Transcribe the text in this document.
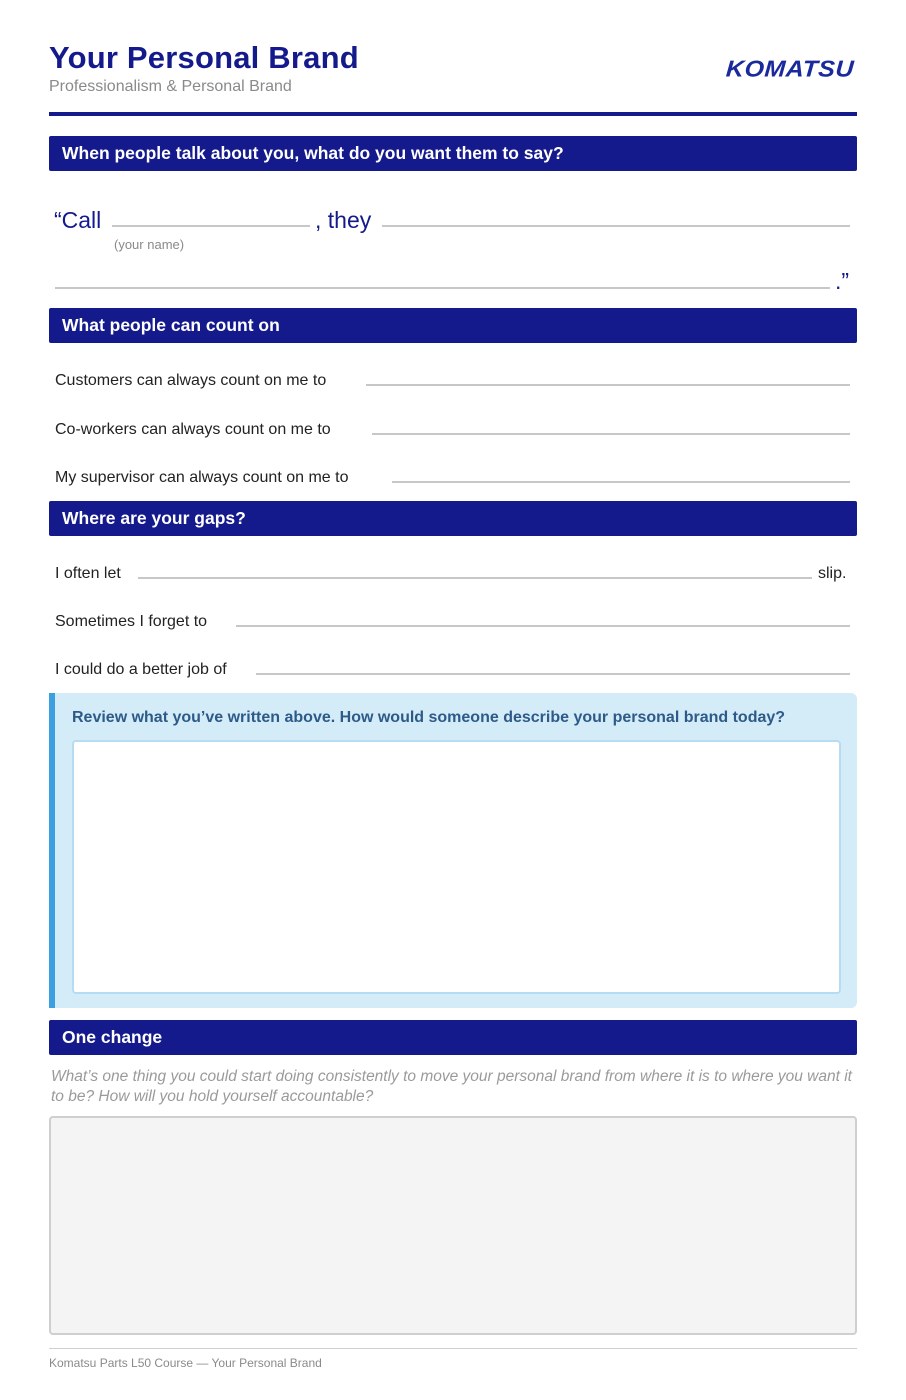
Your Personal Brand
Professionalism & Personal Brand
KOMATSU
When people talk about you, what do you want them to say?
“Call
(your name)
, they
.”
What people can count on
Customers can always count on me to
Co-workers can always count on me to
My supervisor can always count on me to
Where are your gaps?
I often let	slip.
Sometimes I forget to
I could do a better job of
Review what you’ve written above. How would someone describe your personal brand today?
One change
What’s one thing you could start doing consistently to move your personal brand from where it is to where you want it to be? How will you hold yourself accountable?
Komatsu Parts L50 Course — Your Personal Brand
